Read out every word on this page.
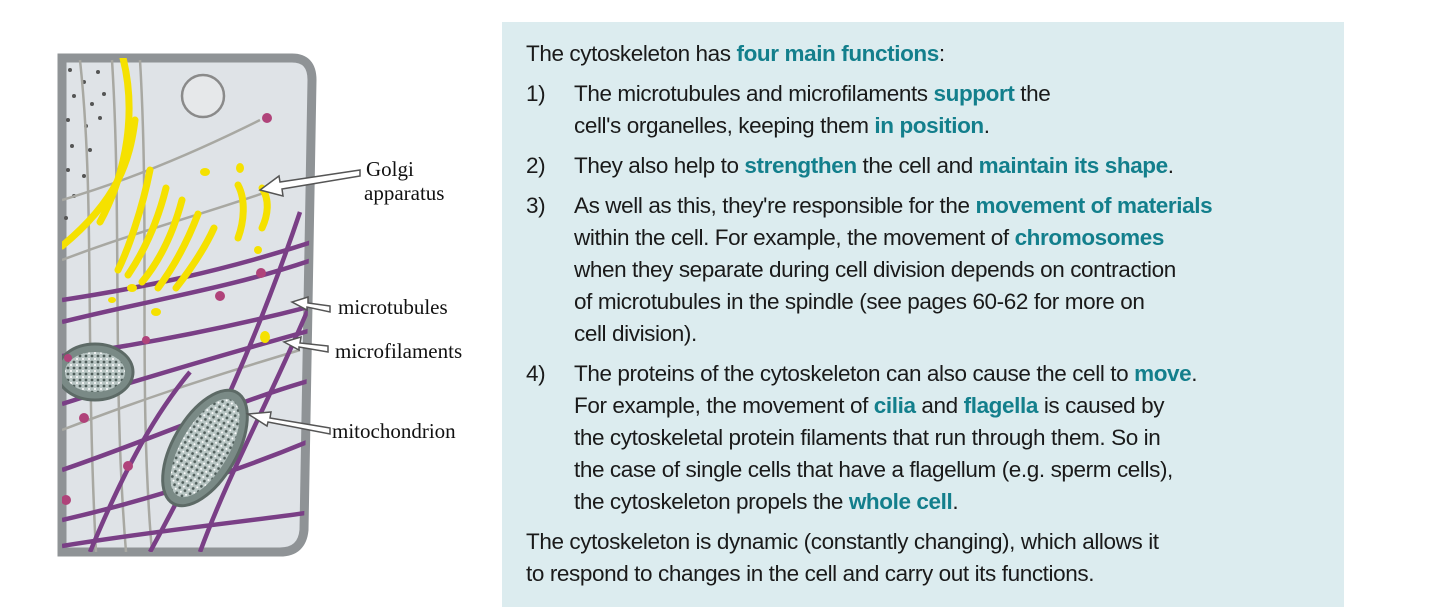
Golgi
apparatus
microtubules
microfilaments
mitochondrion

The cytoskeleton has four main functions:

1)	The microtubules and microfilaments support the
cell's organelles, keeping them in position.
2)	They also help to strengthen the cell and maintain its shape.
3)	As well as this, they're responsible for the movement of materials
within the cell. For example, the movement of chromosomes
when they separate during cell division depends on contraction
of microtubules in the spindle (see pages 60-62 for more on
cell division).
4)	The proteins of the cytoskeleton can also cause the cell to move.
For example, the movement of cilia and flagella is caused by
the cytoskeletal protein filaments that run through them. So in
the case of single cells that have a flagellum (e.g. sperm cells),
the cytoskeleton propels the whole cell.

The cytoskeleton is dynamic (constantly changing), which allows it
to respond to changes in the cell and carry out its functions.
